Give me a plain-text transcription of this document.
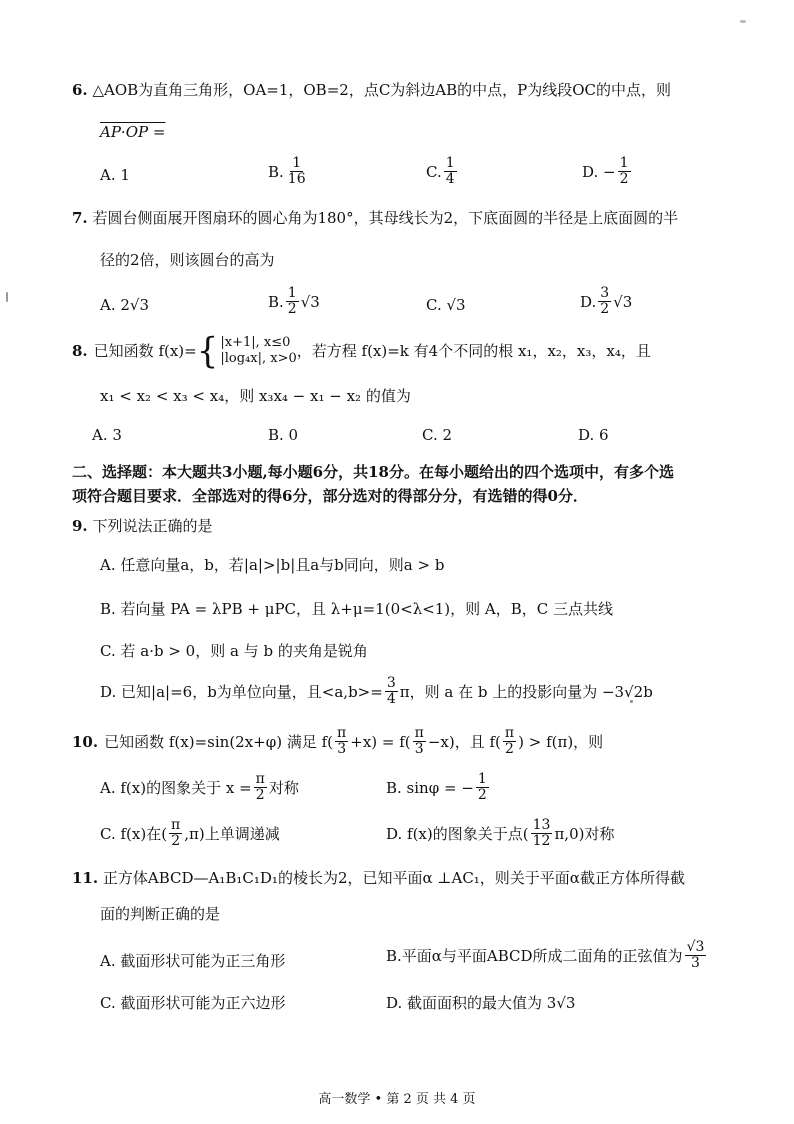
6. △AOB为直角三角形，OA=1，OB=2，点C为斜边AB的中点，P为线段OC的中点，则
AP·OP =
A. 1	B. $\frac{1}{16}$	C. $\frac{1}{4}$	D. − $\frac{1}{2}$
7. 若圆台侧面展开图扇环的圆心角为180°，其母线长为2，下底面圆的半径是上底面圆的半
径的2倍，则该圆台的高为
A. 2√3	B. $\frac{1}{2} √3$	C. √3	D. $\frac{3}{2} √3$
8. 已知函数 f(x)= { |x+1|, x≤0
|log₄x|, x>0 ，若方程 f(x)=k 有4个不同的根 x₁，x₂，x₃，x₄，且
x₁ < x₂ < x₃ < x₄，则 x₃x₄ − x₁ − x₂ 的值为
A. 3	B. 0	C. 2	D. 6
二、选择题：本大题共3小题,每小题6分，共18分。在每小题给出的四个选项中，有多个选
项符合题目要求．全部选对的得6分，部分选对的得部分分，有选错的得0分．
9. 下列说法正确的是
A. 任意向量a，b，若|a|>|b|且a与b同向，则a > b
B. 若向量 PA = λPB + μPC，且 λ+μ=1(0<λ<1)，则 A，B，C 三点共线
C. 若 a·b > 0，则 a 与 b 的夹角是锐角
D. 已知|a|=6，b为单位向量，且$<a,b>= \frac{3}{4}$ π，则 a 在 b 上的投影向量为 −3√2b
10. 已知函数 f(x)=sin(2x+φ) 满足 $f( \frac{\pi}{3} +x) = f( \frac{\pi}{3} -x)$，且 $f( \frac{\pi}{2}$ ) > f(π)，则
A. f(x)的图象关于 $x = \frac{\pi}{2}$ 对称	B. sinφ = − $\frac{1}{2}$
C. f(x)在( $\frac{\pi}{2} ,\pi$)上单调递减	D. f(x)的图象关于点( $\frac{13}{12} \pi,0$)对称
11. 正方体ABCD—A₁B₁C₁D₁的棱长为2，已知平面α ⊥AC₁，则关于平面α截正方体所得截
面的判断正确的是
A. 截面形状可能为正三角形	B.平面α与平面ABCD所成二面角的正弦值为 $\frac{√3}{3}$
C. 截面形状可能为正六边形	D. 截面面积的最大值为 3√3
高一数学 • 第 2 页 共 4 页
